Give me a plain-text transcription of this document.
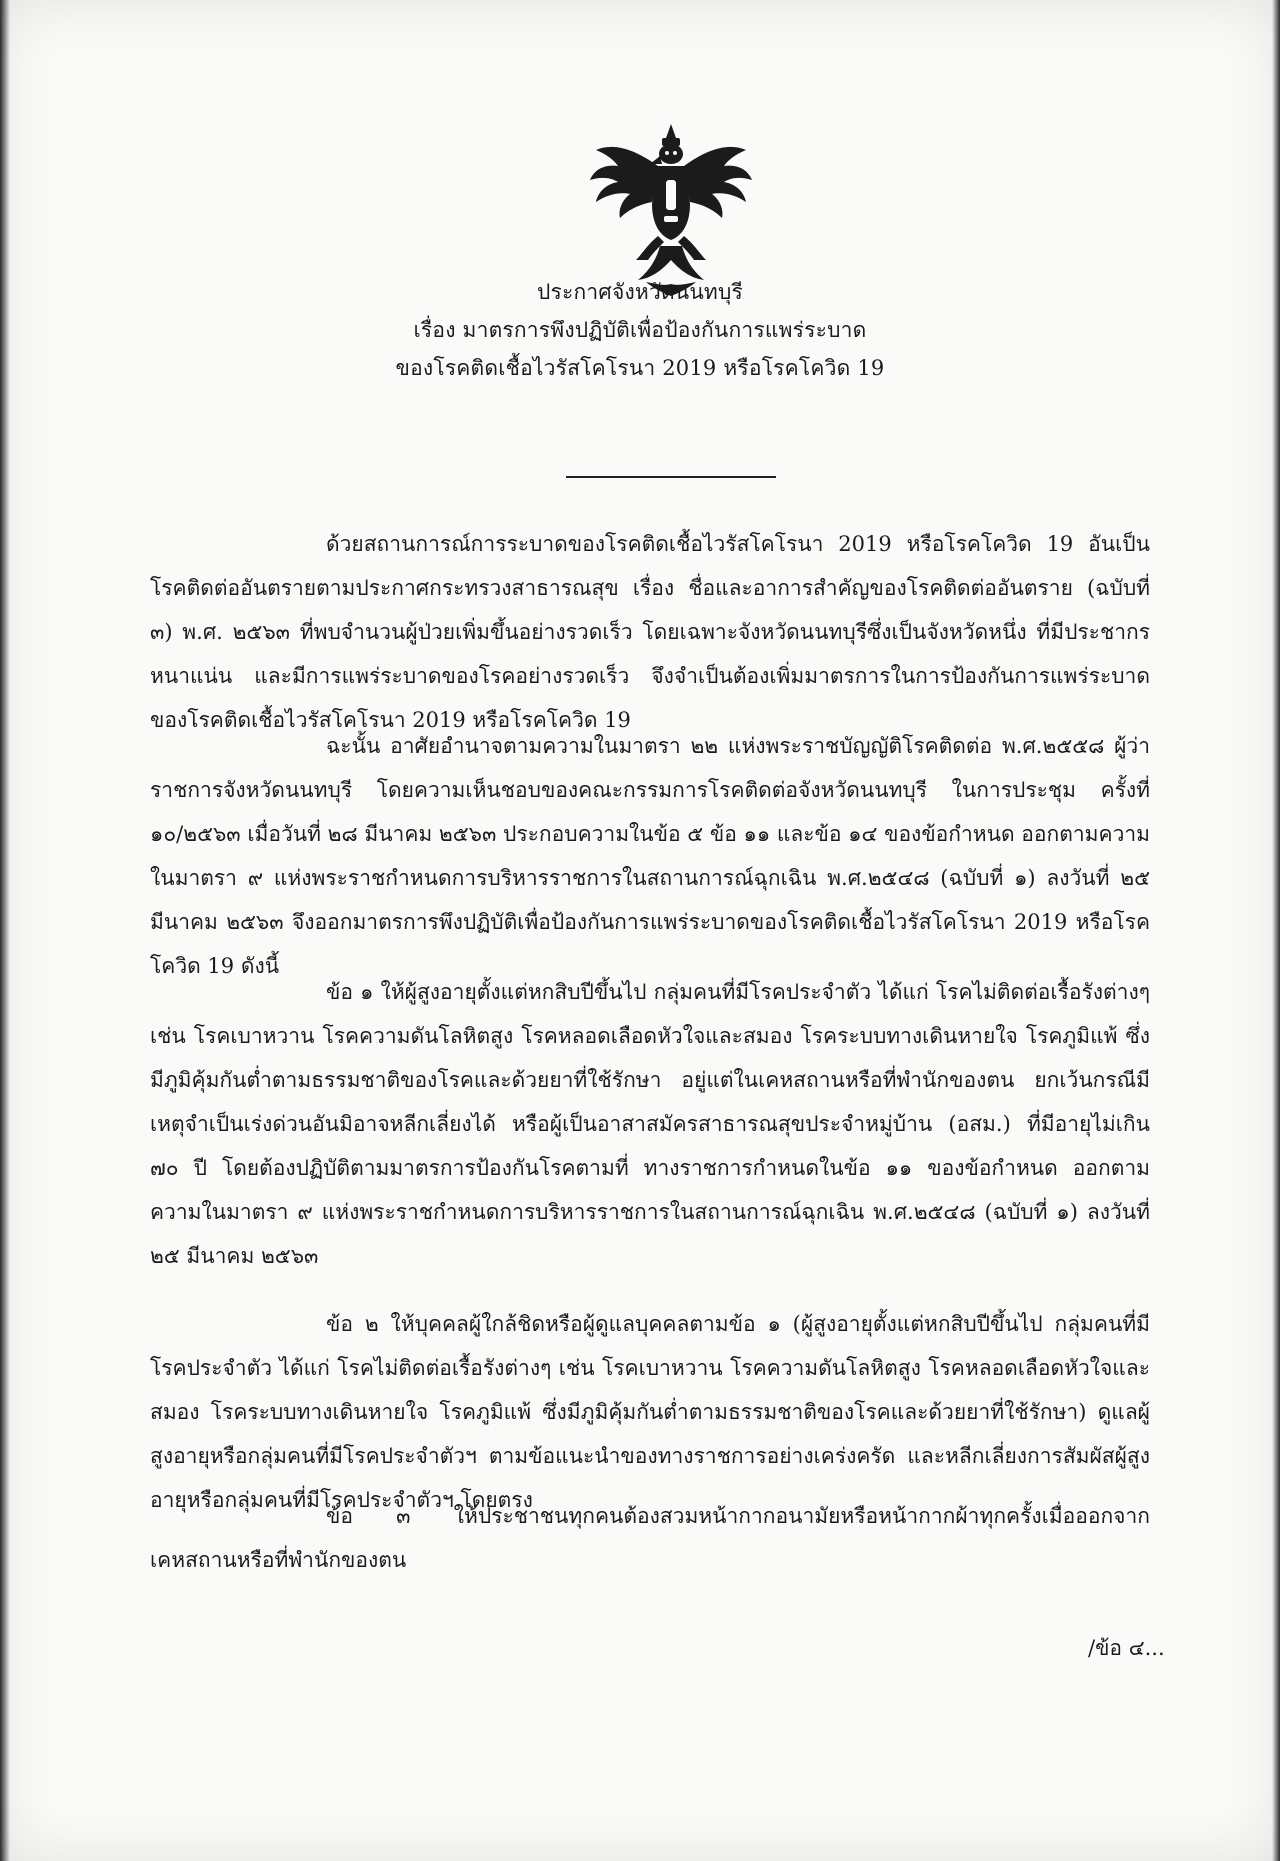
ประกาศจังหวัดนนทบุรี
เรื่อง มาตรการพึงปฏิบัติเพื่อป้องกันการแพร่ระบาด
ของโรคติดเชื้อไวรัสโคโรนา 2019 หรือโรคโควิด 19

ด้วยสถานการณ์การระบาดของโรคติดเชื้อไวรัสโคโรนา 2019 หรือโรคโควิด 19 อันเป็นโรคติดต่ออันตรายตามประกาศกระทรวงสาธารณสุข เรื่อง ชื่อและอาการสำคัญของโรคติดต่ออันตราย (ฉบับที่ ๓) พ.ศ. ๒๕๖๓ ที่พบจำนวนผู้ป่วยเพิ่มขึ้นอย่างรวดเร็ว โดยเฉพาะจังหวัดนนทบุรีซึ่งเป็นจังหวัดหนึ่ง ที่มีประชากรหนาแน่น และมีการแพร่ระบาดของโรคอย่างรวดเร็ว จึงจำเป็นต้องเพิ่มมาตรการในการป้องกันการแพร่ระบาดของโรคติดเชื้อไวรัสโคโรนา 2019 หรือโรคโควิด 19

ฉะนั้น อาศัยอำนาจตามความในมาตรา ๒๒ แห่งพระราชบัญญัติโรคติดต่อ พ.ศ.๒๕๕๘ ผู้ว่าราชการจังหวัดนนทบุรี โดยความเห็นชอบของคณะกรรมการโรคติดต่อจังหวัดนนทบุรี ในการประชุม ครั้งที่ ๑๐/๒๕๖๓ เมื่อวันที่ ๒๘ มีนาคม ๒๕๖๓ ประกอบความในข้อ ๕ ข้อ ๑๑ และข้อ ๑๔ ของข้อกำหนด ออกตามความในมาตรา ๙ แห่งพระราชกำหนดการบริหารราชการในสถานการณ์ฉุกเฉิน พ.ศ.๒๕๔๘ (ฉบับที่ ๑) ลงวันที่ ๒๕ มีนาคม ๒๕๖๓ จึงออกมาตรการพึงปฏิบัติเพื่อป้องกันการแพร่ระบาดของโรคติดเชื้อไวรัสโคโรนา 2019 หรือโรคโควิด 19 ดังนี้

ข้อ ๑ ให้ผู้สูงอายุตั้งแต่หกสิบปีขึ้นไป กลุ่มคนที่มีโรคประจำตัว ได้แก่ โรคไม่ติดต่อเรื้อรังต่างๆ เช่น โรคเบาหวาน โรคความดันโลหิตสูง โรคหลอดเลือดหัวใจและสมอง โรคระบบทางเดินหายใจ โรคภูมิแพ้ ซึ่งมีภูมิคุ้มกันต่ำตามธรรมชาติของโรคและด้วยยาที่ใช้รักษา อยู่แต่ในเคหสถานหรือที่พำนักของตน ยกเว้นกรณีมีเหตุจำเป็นเร่งด่วนอันมิอาจหลีกเลี่ยงได้ หรือผู้เป็นอาสาสมัครสาธารณสุขประจำหมู่บ้าน (อสม.) ที่มีอายุไม่เกิน ๗๐ ปี โดยต้องปฏิบัติตามมาตรการป้องกันโรคตามที่ ทางราชการกำหนดในข้อ ๑๑ ของข้อกำหนด ออกตามความในมาตรา ๙ แห่งพระราชกำหนดการบริหารราชการในสถานการณ์ฉุกเฉิน พ.ศ.๒๕๔๘ (ฉบับที่ ๑) ลงวันที่ ๒๕ มีนาคม ๒๕๖๓

ข้อ ๒ ให้บุคคลผู้ใกล้ชิดหรือผู้ดูแลบุคคลตามข้อ ๑ (ผู้สูงอายุตั้งแต่หกสิบปีขึ้นไป กลุ่มคนที่มีโรคประจำตัว ได้แก่ โรคไม่ติดต่อเรื้อรังต่างๆ เช่น โรคเบาหวาน โรคความดันโลหิตสูง โรคหลอดเลือดหัวใจและสมอง โรคระบบทางเดินหายใจ โรคภูมิแพ้ ซึ่งมีภูมิคุ้มกันต่ำตามธรรมชาติของโรคและด้วยยาที่ใช้รักษา) ดูแลผู้สูงอายุหรือกลุ่มคนที่มีโรคประจำตัวฯ ตามข้อแนะนำของทางราชการอย่างเคร่งครัด และหลีกเลี่ยงการสัมผัสผู้สูงอายุหรือกลุ่มคนที่มีโรคประจำตัวฯ โดยตรง

ข้อ ๓ ให้ประชาชนทุกคนต้องสวมหน้ากากอนามัยหรือหน้ากากผ้าทุกครั้งเมื่อออกจากเคหสถานหรือที่พำนักของตน

/ข้อ ๔...
